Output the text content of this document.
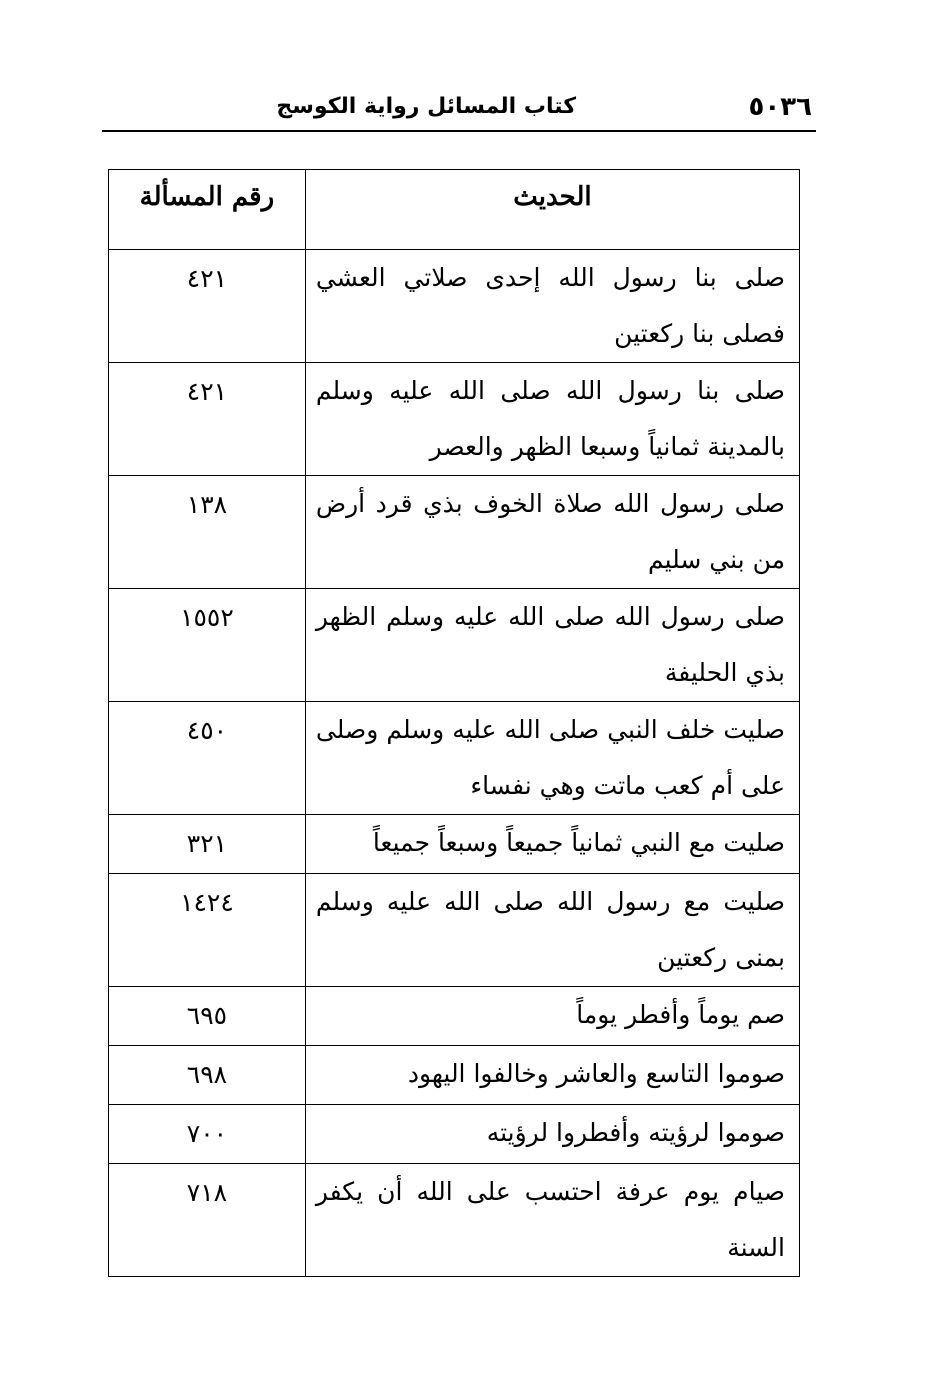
٥٠٣٦
كتاب المسائل رواية الكوسج
الحديث	رقم المسألة
صلى بنا رسول الله إحدى صلاتي العشي فصلى بنا ركعتين	٤٢١
صلى بنا رسول الله صلى الله عليه وسلم بالمدينة ثمانياً وسبعا الظهر والعصر	٤٢١
صلى رسول الله صلاة الخوف بذي قرد أرض من بني سليم	١٣٨
صلى رسول الله صلى الله عليه وسلم الظهر بذي الحليفة	١٥٥٢
صليت خلف النبي صلى الله عليه وسلم وصلى على أم كعب ماتت وهي نفساء	٤٥٠
صليت مع النبي ثمانياً جميعاً وسبعاً جميعاً	٣٢١
صليت مع رسول الله صلى الله عليه وسلم بمنى ركعتين	١٤٢٤
صم يوماً وأفطر يوماً	٦٩٥
صوموا التاسع والعاشر وخالفوا اليهود	٦٩٨
صوموا لرؤيته وأفطروا لرؤيته	٧٠٠
صيام يوم عرفة احتسب على الله أن يكفر السنة	٧١٨
